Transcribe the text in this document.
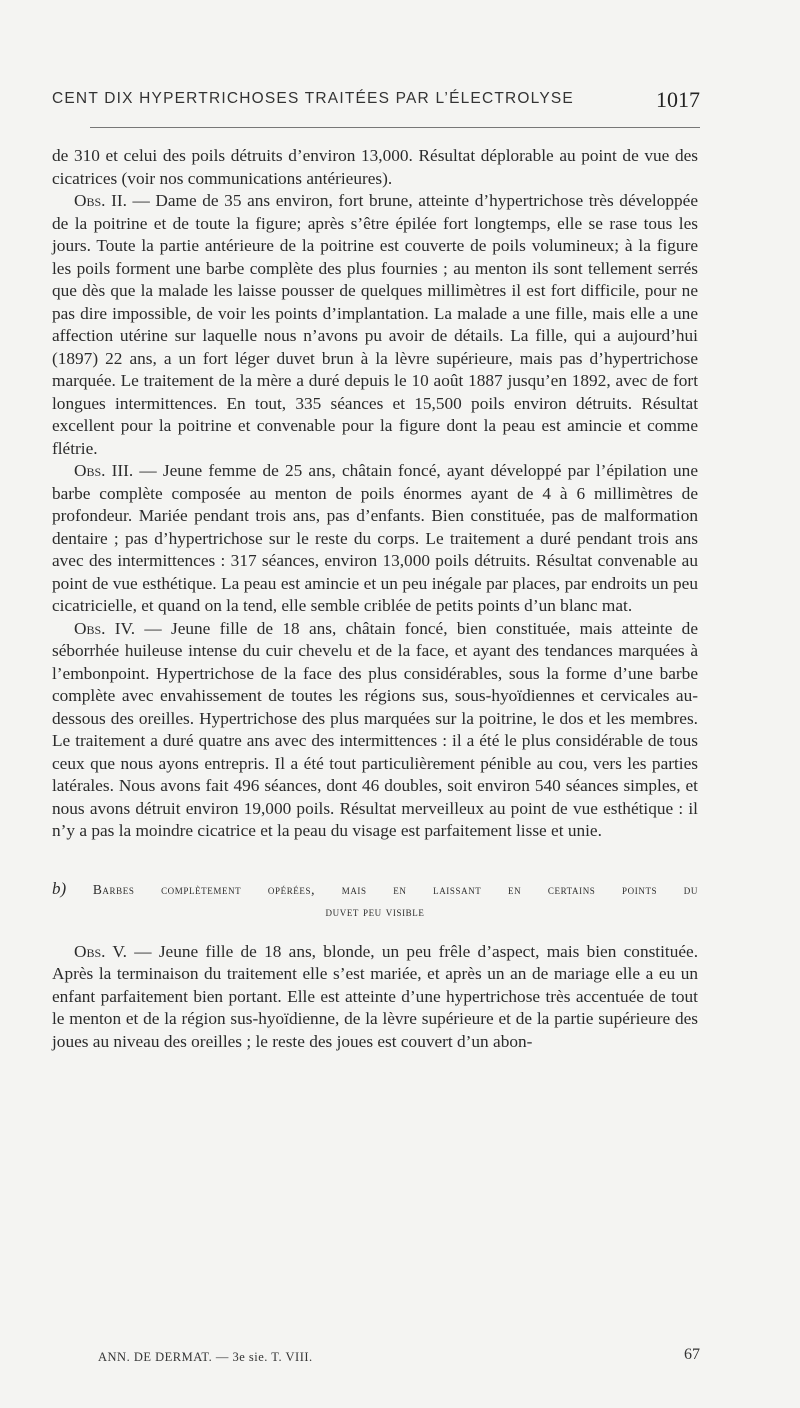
CENT DIX HYPERTRICHOSES TRAITÉES PAR L’ÉLECTROLYSE	1017

de 310 et celui des poils détruits d’environ 13,000. Résultat déplorable au point de vue des cicatrices (voir nos communications antérieures).

Obs. II. — Dame de 35 ans environ, fort brune, atteinte d’hypertrichose très développée de la poitrine et de toute la figure; après s’être épilée fort longtemps, elle se rase tous les jours. Toute la partie antérieure de la poitrine est couverte de poils volumineux; à la figure les poils forment une barbe complète des plus fournies ; au menton ils sont tellement serrés que dès que la malade les laisse pousser de quelques millimètres il est fort difficile, pour ne pas dire impossible, de voir les points d’implantation. La malade a une fille, mais elle a une affection utérine sur laquelle nous n’avons pu avoir de détails. La fille, qui a aujourd’hui (1897) 22 ans, a un fort léger duvet brun à la lèvre supérieure, mais pas d’hypertrichose marquée. Le traitement de la mère a duré depuis le 10 août 1887 jusqu’en 1892, avec de fort longues intermittences. En tout, 335 séances et 15,500 poils environ détruits. Résultat excellent pour la poitrine et convenable pour la figure dont la peau est amincie et comme flétrie.

Obs. III. — Jeune femme de 25 ans, châtain foncé, ayant développé par l’épilation une barbe complète composée au menton de poils énormes ayant de 4 à 6 millimètres de profondeur. Mariée pendant trois ans, pas d’enfants. Bien constituée, pas de malformation dentaire ; pas d’hypertrichose sur le reste du corps. Le traitement a duré pendant trois ans avec des intermittences : 317 séances, environ 13,000 poils détruits. Résultat convenable au point de vue esthétique. La peau est amincie et un peu inégale par places, par endroits un peu cicatricielle, et quand on la tend, elle semble criblée de petits points d’un blanc mat.

Obs. IV. — Jeune fille de 18 ans, châtain foncé, bien constituée, mais atteinte de séborrhée huileuse intense du cuir chevelu et de la face, et ayant des tendances marquées à l’embonpoint. Hypertrichose de la face des plus considérables, sous la forme d’une barbe complète avec envahissement de toutes les régions sus, sous-hyoïdiennes et cervicales au-dessous des oreilles. Hypertrichose des plus marquées sur la poitrine, le dos et les membres. Le traitement a duré quatre ans avec des intermittences : il a été le plus considérable de tous ceux que nous ayons entrepris. Il a été tout particulièrement pénible au cou, vers les parties latérales. Nous avons fait 496 séances, dont 46 doubles, soit environ 540 séances simples, et nous avons détruit environ 19,000 poils. Résultat merveilleux au point de vue esthétique : il n’y a pas la moindre cicatrice et la peau du visage est parfaitement lisse et unie.

b) Barbes complètement opérées, mais en laissant en certains points du
duvet peu visible

Obs. V. — Jeune fille de 18 ans, blonde, un peu frêle d’aspect, mais bien constituée. Après la terminaison du traitement elle s’est mariée, et après un an de mariage elle a eu un enfant parfaitement bien portant. Elle est atteinte d’une hypertrichose très accentuée de tout le menton et de la région sus-hyoïdienne, de la lèvre supérieure et de la partie supérieure des joues au niveau des oreilles ; le reste des joues est couvert d’un abon-

ANN. DE DERMAT. — 3e sie. T. VIII.	67
